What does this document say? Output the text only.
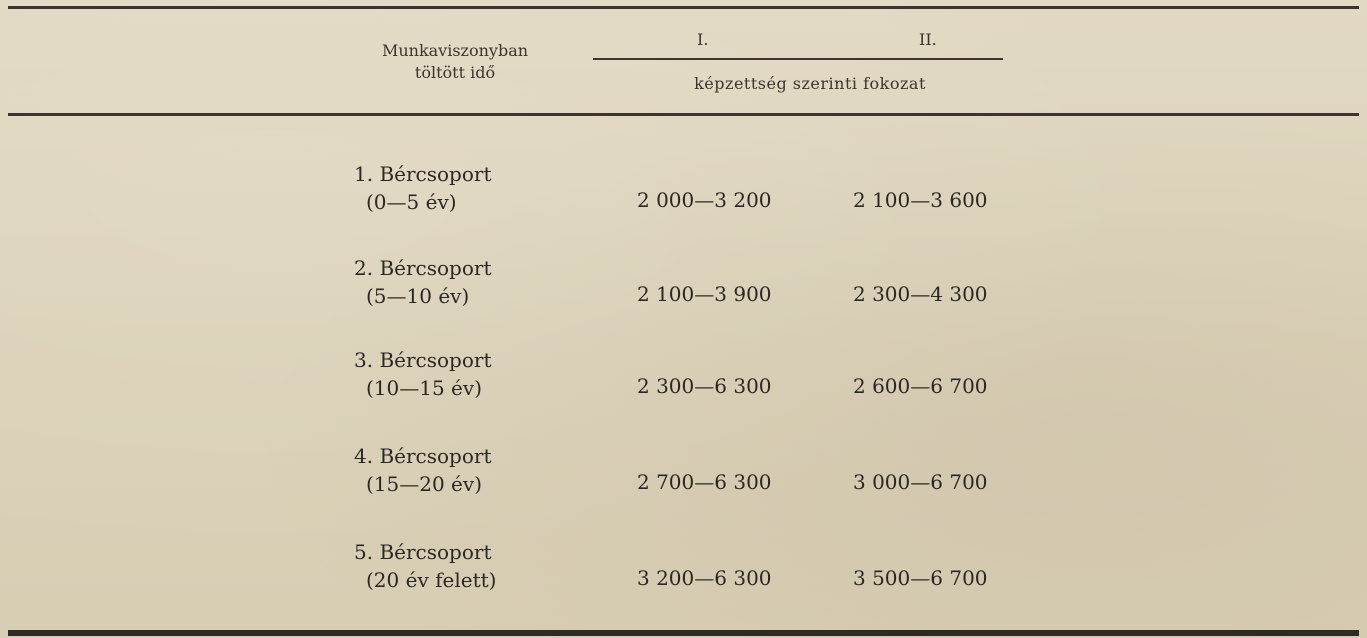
Munkaviszonyban
töltött idő
I.	II.
képzettség szerinti fokozat
1. Bércsoport
(0—5 év)	2 000—3 200	2 100—3 600
2. Bércsoport
(5—10 év)	2 100—3 900	2 300—4 300
3. Bércsoport
(10—15 év)	2 300—6 300	2 600—6 700
4. Bércsoport
(15—20 év)	2 700—6 300	3 000—6 700
5. Bércsoport
(20 év felett)	3 200—6 300	3 500—6 700
